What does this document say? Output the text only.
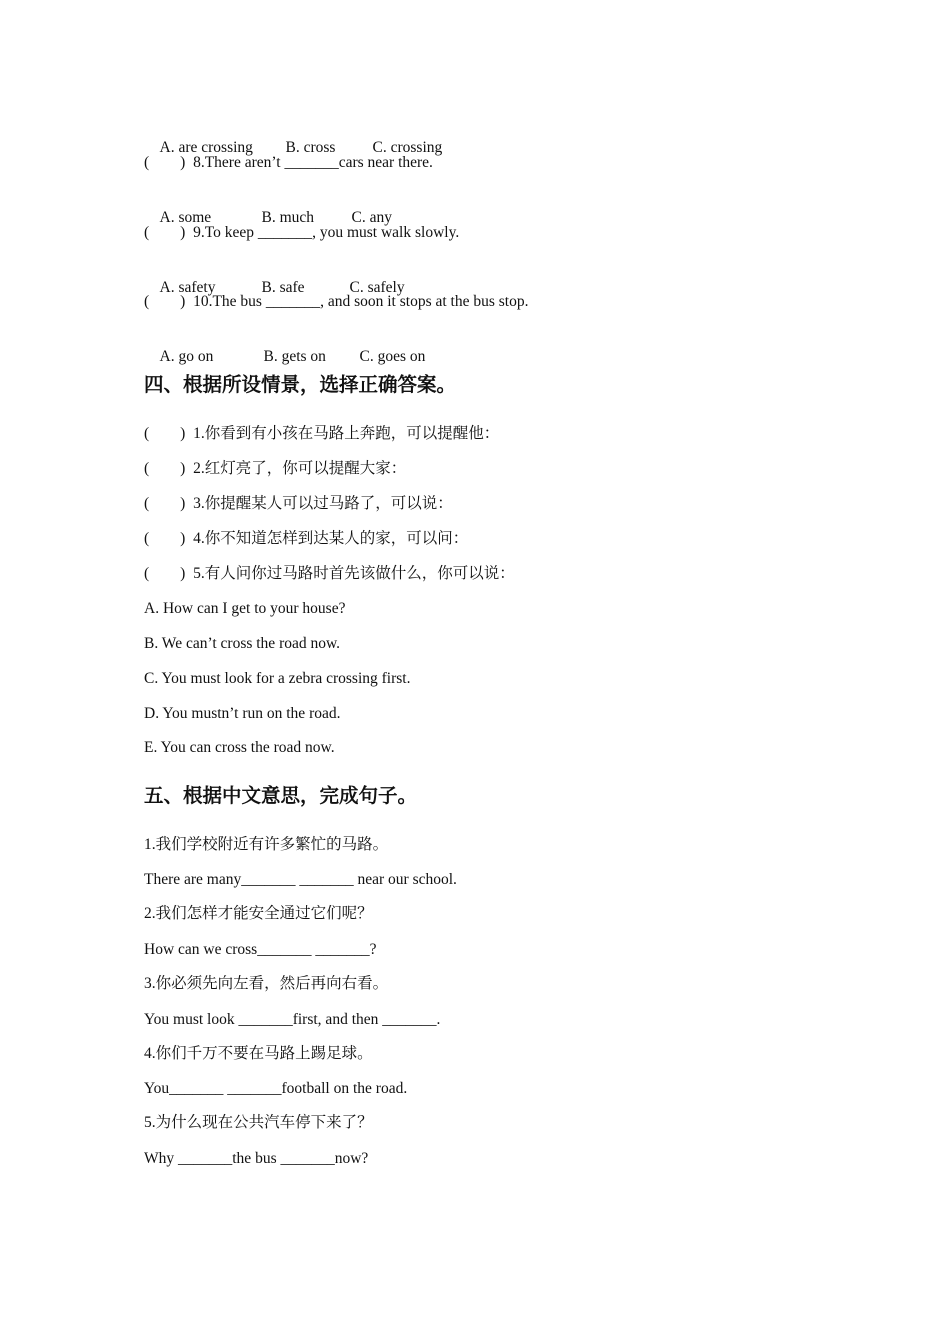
A. are crossing B. cross C. crossing

(        )  8.There aren’t _______cars near there.

A. some	B. much C. any

(        )  9.To keep _______, you must walk slowly.

A. safety	B. safe	C. safely

(        )  10.The bus _______, and soon it stops at the bus stop.

A. go on	B. gets on C. goes on

四、根据所设情景，选择正确答案。
(        )  1.你看到有小孩在马路上奔跑，可以提醒他：
(        )  2.红灯亮了，你可以提醒大家：
(        )  3.你提醒某人可以过马路了，可以说：
(        )  4.你不知道怎样到达某人的家，可以问：
(        )  5.有人问你过马路时首先该做什么，你可以说：
A. How can I get to your house?
B. We can’t cross the road now.
C. You must look for a zebra crossing first.
D. You mustn’t run on the road.
E. You can cross the road now.
五、根据中文意思，完成句子。
1.我们学校附近有许多繁忙的马路。
There are many_______ _______ near our school.
2.我们怎样才能安全通过它们呢？
How can we cross_______ _______?
3.你必须先向左看，然后再向右看。
You must look _______first, and then _______.
4.你们千万不要在马路上踢足球。
You_______ _______football on the road.
5.为什么现在公共汽车停下来了？
Why _______the bus _______now?
